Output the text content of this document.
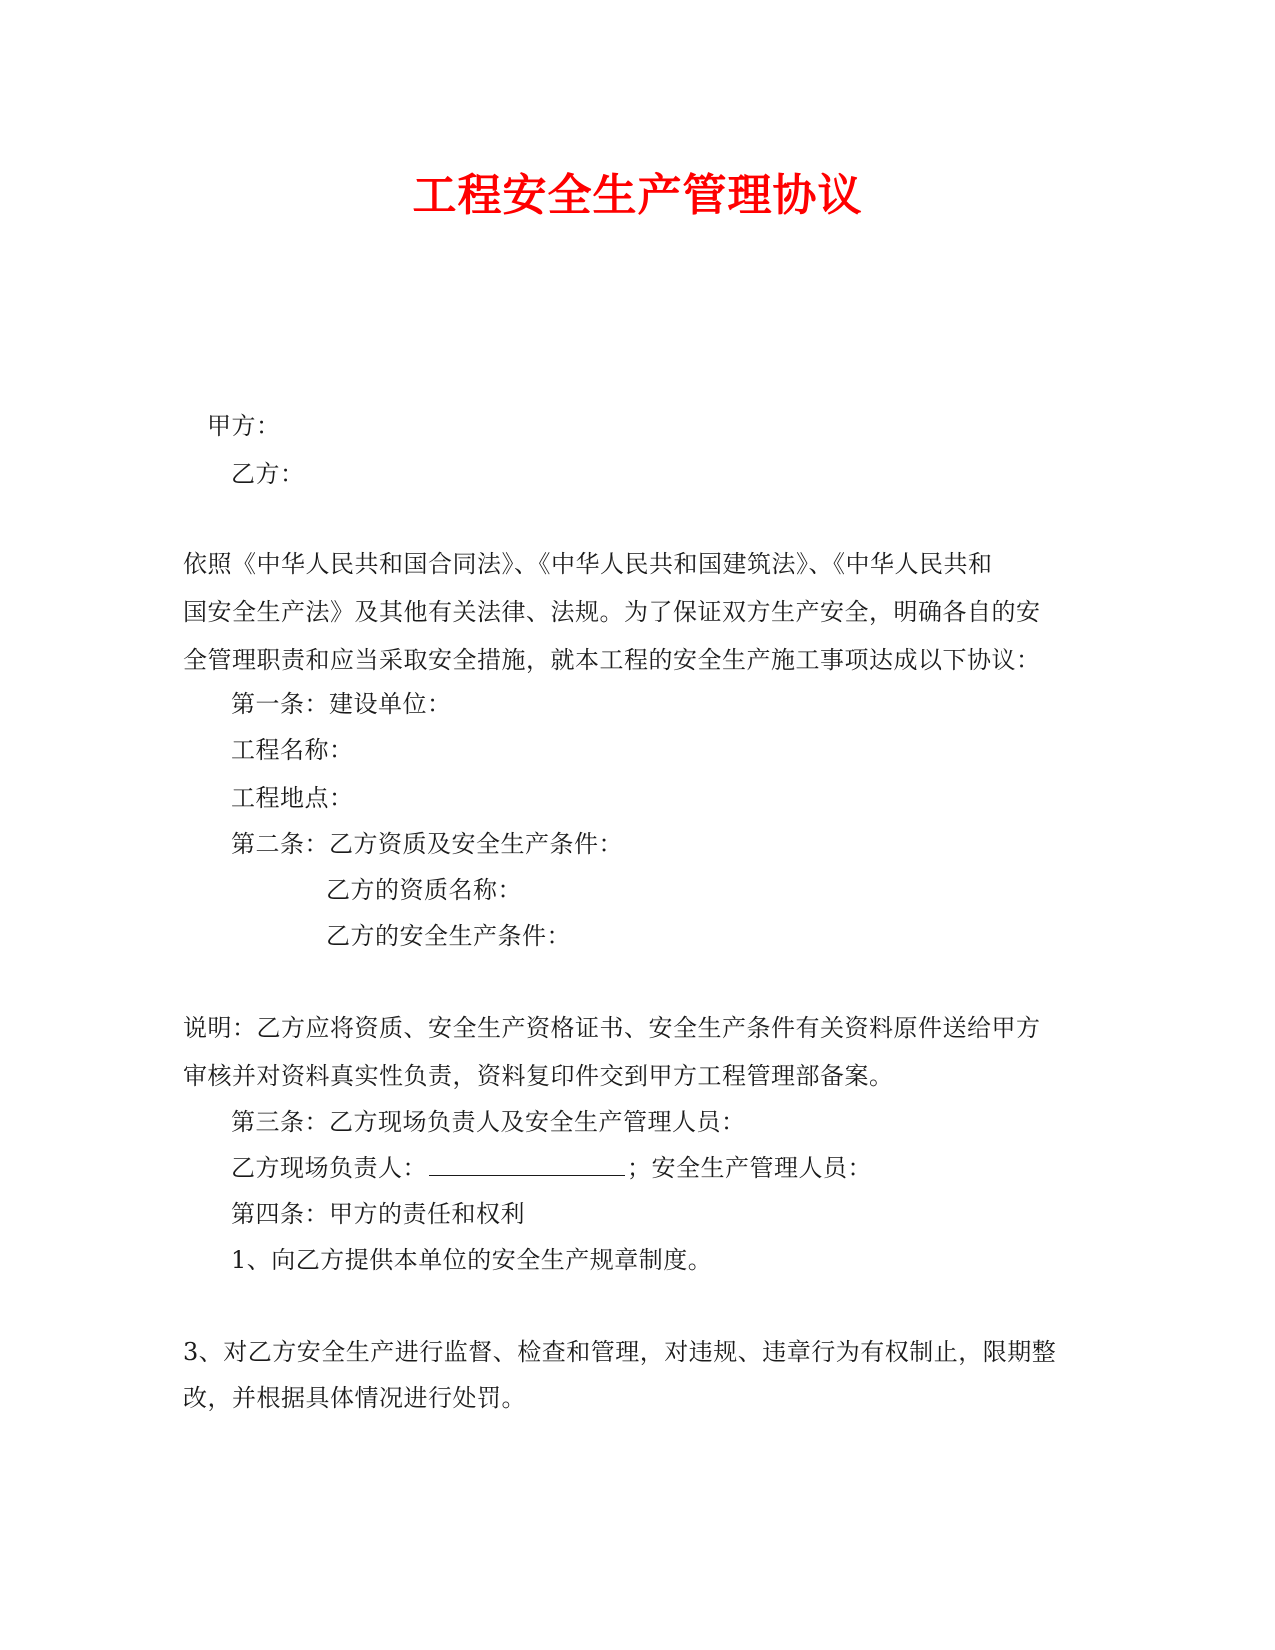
工程安全生产管理协议
甲方：
乙方：
依照《中华人民共和国合同法》、《中华人民共和国建筑法》、《中华人民共和
国安全生产法》及其他有关法律、法规。为了保证双方生产安全，明确各自的安
全管理职责和应当采取安全措施，就本工程的安全生产施工事项达成以下协议：
第一条：建设单位：
工程名称：
工程地点：
第二条：乙方资质及安全生产条件：
乙方的资质名称：
乙方的安全生产条件：
说明：乙方应将资质、安全生产资格证书、安全生产条件有关资料原件送给甲方
审核并对资料真实性负责，资料复印件交到甲方工程管理部备案。
第三条：乙方现场负责人及安全生产管理人员：
乙方现场负责人：	；安全生产管理人员：
第四条：甲方的责任和权利
1、向乙方提供本单位的安全生产规章制度。
3、对乙方安全生产进行监督、检查和管理，对违规、违章行为有权制止，限期整
改，并根据具体情况进行处罚。
